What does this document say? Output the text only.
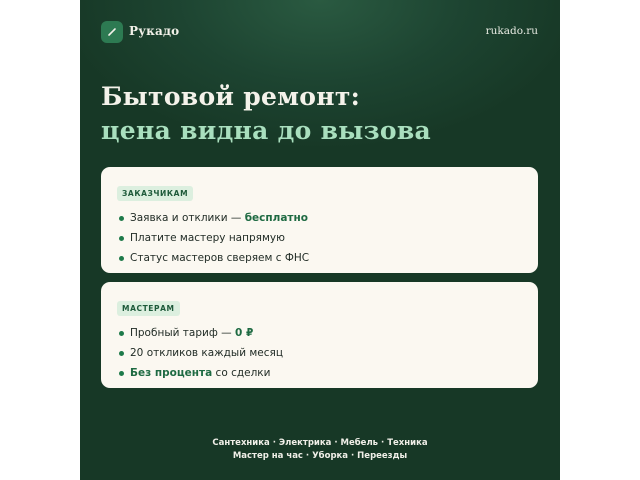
Рукадо	rukado.ru
Бытовой ремонт:
цена видна до вызова
ЗАКАЗЧИКАМ
Заявка и отклики — бесплатно
Платите мастеру напрямую
Статус мастеров сверяем с ФНС
МАСТЕРАМ
Пробный тариф — 0 ₽
20 откликов каждый месяц
Без процента со сделки
Сантехника · Электрика · Мебель · Техника
Мастер на час · Уборка · Переезды
